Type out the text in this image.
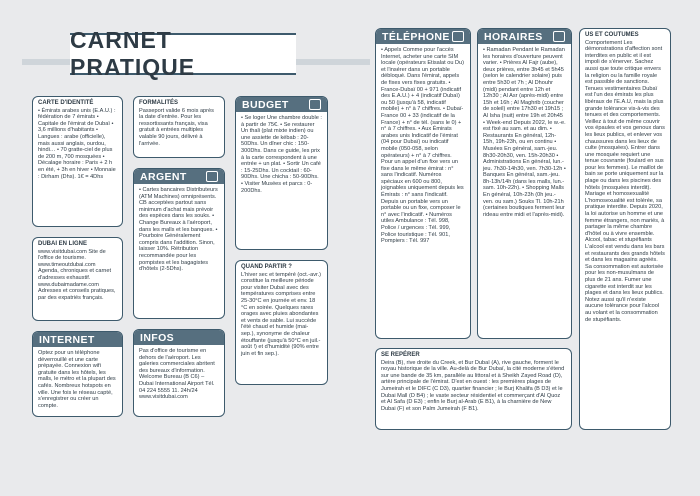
CARNET PRATIQUE
CARTE D'IDENTITÉ

• Émirats arabes unis (E.A.U.) : fédération de 7 émirats • Capitale de l'émirat de Dubaï • 3,6 millions d'habitants • Langues : arabe (officielle), mais aussi anglais, ourdou, hindi… • 70 gratte-ciel de plus de 200 m, 700 mosquées • Décalage horaire : Paris + 2 h en été, + 3h en hiver • Monnaie : Dirham (Dhs). 1€ = 4Dhs

FORMALITÉS

Passeport valide 6 mois après la date d'entrée. Pour les ressortissants français, visa gratuit à entrées multiples valable 90 jours, délivré à l'arrivée.

BUDGET

• Se loger Une chambre double : à partir de 75€. • Se restaurer Un thali (plat mixte indien) ou une assiette de kébab : 20-50Dhs. Un dîner chic : 150-300Dhs. Dans ce guide, les prix à la carte correspondent à une entrée + un plat. • Sortir Un café : 15-25Dhs. Un cocktail : 60-90Dhs. Une chicha : 50-90Dhs. • Visiter Musées et parcs : 0-200Dhs.

ARGENT

• Cartes bancaires Distributeurs (ATM Machines) omniprésents. CB acceptées partout sans minimum d'achat mais prévoir des espèces dans les souks. • Change Bureaux à l'aéroport, dans les malls et les banques. • Pourboire Généralement compris dans l'addition. Sinon, laisser 10%. Rétribution recommandée pour les pompistes et les bagagistes d'hôtels (2-5Dhs).

DUBAI EN LIGNE

www.visitdubai.com Site de l'office de tourisme. www.timeoutdubai.com Agenda, chroniques et carnet d'adresses exhaustif. www.dubaimadame.com Adresses et conseils pratiques, par des expatriés français.

QUAND PARTIR ?

L'hiver sec et tempéré (oct.-avr.) constitue la meilleure période pour visiter Dubaï avec des températures comprises entre 25-30°C en journée et env. 18 °C en soirée. Quelques rares orages avec pluies abondantes et vents de sable. Lui succède l'été chaud et humide (mai-sep.), synonyme de chaleur étouffante (jusqu'à 50°C en juil.-août !) et d'humidité (90% entre juin et fin sep.).

INTERNET

Optez pour un téléphone déverrouillé et une carte prépayée. Connexion wifi gratuite dans les hôtels, les malls, le métro et la plupart des cafés. Nombreux hotspots en ville. Une fois le réseau capté, s'enregistrer ou créer un compte.

INFOS

Pas d'office de tourisme en dehors de l'aéroport. Les galeries commerciales abritent des bureaux d'information. Welcome Bureau (B C6) – Dubai International Airport Tél. 04 224 5555 11. 24h/24 www.visitdubai.com

TÉLÉPHONE

• Appels Comme pour l'accès Internet, acheter une carte SIM locale (opérateurs Etisalat ou Du) et l'insérer dans un portable débloqué. Dans l'émirat, appels de fixes vers fixes gratuits. • France-Dubaï 00 + 971 (indicatif des E.A.U.) + 4 (indicatif Dubaï) ou 50 (jusqu'à 58, indicatif mobile) + n° à 7 chiffres. • Dubaï-France 00 + 33 (indicatif de la France) + n° de tél. (sans le 0) + n° à 7 chiffres. • Aux Émirats arabes unis Indicatif de l'émirat (04 pour Dubaï) ou indicatif mobile (050-058, selon opérateurs) + n° à 7 chiffres. Pour un appel d'un fixe vers un fixe dans le même émirat : n° sans l'indicatif. Numéros spéciaux en 600 ou 800, joignables uniquement depuis les Émirats : n° sans l'indicatif. Depuis un portable vers un portable ou un fixe, composer le n° avec l'indicatif. • Numéros utiles Ambulance : Tél. 998, Police / urgences : Tél. 999, Police touristique : Tél. 901, Pompiers : Tél. 997

HORAIRES

• Ramadan Pendant le Ramadan les horaires d'ouverture peuvent varier. • Prières Al Fajr (aube), deux prières, entre 3h45 et 5h45 (selon le calendrier solaire) puis entre 5h30 et 7h ; Al Dhouhr (midi) pendant entre 12h et 12h30 ; Al Asr (après-midi) entre 15h et 16h ; Al Maghrib (coucher de soleil) entre 17h30 et 19h15 ; Al Isha (nuit) entre 19h et 20h45 • Week-end Depuis 2022, le w.-e. est fixé au sam. et au dim. • Restaurants En général, 12h-15h, 19h-23h, ou en continu • Musées En général, sam.-jeu. 8h30-20h30, ven. 15h-20h30 • Administrations En général, lun.-jeu. 7h30-14h30, ven. 7h30-12h • Banques En général, sam.-jeu. 8h-13h/14h (dans les malls, lun.-sam. 10h-22h). • Shopping Malls En général, 10h-23h (0h jeu.-ven. ou sam.) Souks Tl. 10h-21h (certaines boutiques ferment leur rideau entre midi et l'après-midi).

US ET COUTUMES

Comportement Les démonstrations d'affection sont interdites en public et il est impoli de s'énerver. Sachez aussi que toute critique envers la religion ou la famille royale est passible de sanctions. Tenues vestimentaires Dubaï est l'un des émirats les plus libéraux de l'E.A.U, mais la plus grande tolérance vis-à-vis des tenues et des comportements. Veillez à tout de même couvrir vos épaules et vos genoux dans les lieux publics, et enlever vos chaussures dans les lieux de culte (mosquées). Entrer dans une mosquée requiert une tenue couvrante (foulard en sus pour les femmes). Le maillot de bain se porte uniquement sur la plage ou dans les piscines des hôtels (mosquées interdit). Mariage et homosexualité L'homosexualité est tolérée, sa pratique interdite. Depuis 2020, la loi autorise un homme et une femme étrangers, non mariés, à partager la même chambre d'hôtel ou à vivre ensemble. Alcool, tabac et stupéfiants L'alcool est vendu dans les bars et restaurants des grands hôtels et dans les magasins agréés. Sa consommation est autorisée pour les non-musulmans de plus de 21 ans. Fumer une cigarette est interdit sur les plages et dans les lieux publics. Notez aussi qu'il n'existe aucune tolérance pour l'alcool au volant et la consommation de stupéfiants.

SE REPÉRER

Deira (B), rive droite du Creek, et Bur Dubaï (A), rive gauche, forment le noyau historique de la ville. Au-delà de Bur Dubaï, la cité moderne s'étend sur une bande de 35 km, parallèle au littoral et à Sheikh Zayed Road (D), artère principale de l'émirat. D'est en ouest : les premières plages de Jumeirah et le DIFC (C D3), quartier financier ; le Burj Khalifa (B D3) et le Dubai Mall (D B4) ; le vaste secteur résidentiel et commerçant d'Al Quoz et Al Safa (D E3) ; enfin le Burj al-Arab (E B1), à la charnière de New Dubai (F) et son Palm Jumeirah (F B1).
